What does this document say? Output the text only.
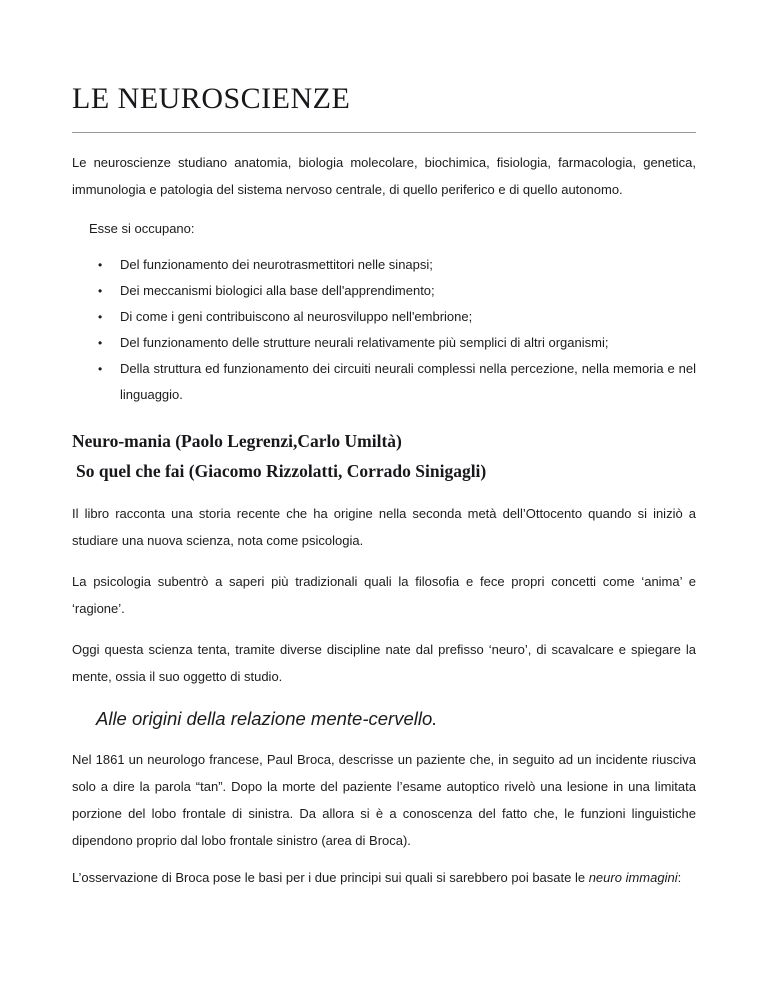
LE NEUROSCIENZE

Le neuroscienze studiano anatomia, biologia molecolare, biochimica, fisiologia, farmacologia, genetica, immunologia e patologia del sistema nervoso centrale, di quello periferico e di quello autonomo.

Esse si occupano:

• Del funzionamento dei neurotrasmettitori nelle sinapsi;
• Dei meccanismi biologici alla base dell'apprendimento;
• Di come i geni contribuiscono al neurosviluppo nell'embrione;
• Del funzionamento delle strutture neurali relativamente più semplici di altri organismi;
• Della struttura ed funzionamento dei circuiti neurali complessi nella percezione, nella memoria e nel linguaggio.
Neuro-mania (Paolo Legrenzi,Carlo Umiltà)
So quel che fai (Giacomo Rizzolatti, Corrado Sinigagli)

Il libro racconta una storia recente che ha origine nella seconda metà dell’Ottocento quando si iniziò a studiare una nuova scienza, nota come psicologia.

La psicologia subentrò a saperi più tradizionali quali la filosofia e fece propri concetti come ‘anima’ e ‘ragione’.

Oggi questa scienza tenta, tramite diverse discipline nate dal prefisso ‘neuro’, di scavalcare e spiegare la mente, ossia il suo oggetto di studio.

Alle origini della relazione mente-cervello.

Nel 1861 un neurologo francese, Paul Broca, descrisse un paziente che, in seguito ad un incidente riusciva solo a dire la parola “tan”. Dopo la morte del paziente l’esame autoptico rivelò una lesione in una limitata porzione del lobo frontale di sinistra. Da allora si è a conoscenza del fatto che, le funzioni linguistiche dipendono proprio dal lobo frontale sinistro (area di Broca).

L’osservazione di Broca pose le basi per i due principi sui quali si sarebbero poi basate le neuro immagini:
